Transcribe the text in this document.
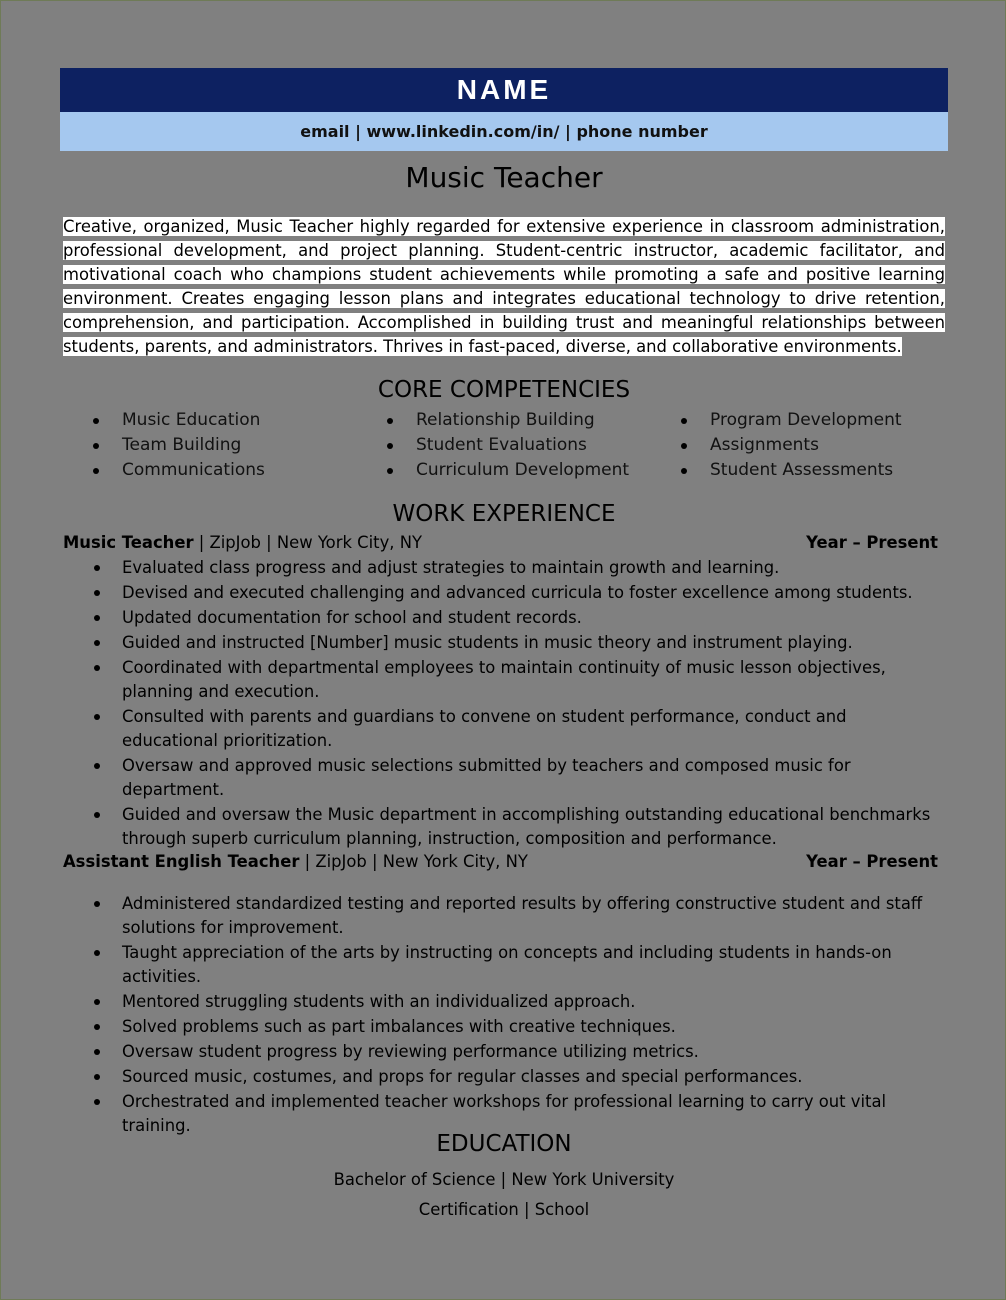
NAME
email | www.linkedin.com/in/ | phone number
Music Teacher
Creative, organized, Music Teacher highly regarded for extensive experience in classroom administration, professional development, and project planning. Student-centric instructor, academic facilitator, and motivational coach who champions student achievements while promoting a safe and positive learning environment. Creates engaging lesson plans and integrates educational technology to drive retention, comprehension, and participation. Accomplished in building trust and meaningful relationships between students, parents, and administrators. Thrives in fast-paced, diverse, and collaborative environments.
CORE COMPETENCIES
Music Education
Team Building
Communications
Relationship Building
Student Evaluations
Curriculum Development
Program Development
Assignments
Student Assessments
WORK EXPERIENCE
Music Teacher | ZipJob | New York City, NY	Year – Present
Evaluated class progress and adjust strategies to maintain growth and learning.
Devised and executed challenging and advanced curricula to foster excellence among students.
Updated documentation for school and student records.
Guided and instructed [Number] music students in music theory and instrument playing.
Coordinated with departmental employees to maintain continuity of music lesson objectives, planning and execution.
Consulted with parents and guardians to convene on student performance, conduct and educational prioritization.
Oversaw and approved music selections submitted by teachers and composed music for department.
Guided and oversaw the Music department in accomplishing outstanding educational benchmarks through superb curriculum planning, instruction, composition and performance.
Assistant English Teacher | ZipJob | New York City, NY	Year – Present
Administered standardized testing and reported results by offering constructive student and staff solutions for improvement.
Taught appreciation of the arts by instructing on concepts and including students in hands-on activities.
Mentored struggling students with an individualized approach.
Solved problems such as part imbalances with creative techniques.
Oversaw student progress by reviewing performance utilizing metrics.
Sourced music, costumes, and props for regular classes and special performances.
Orchestrated and implemented teacher workshops for professional learning to carry out vital training.
EDUCATION
Bachelor of Science | New York University
Certification | School
